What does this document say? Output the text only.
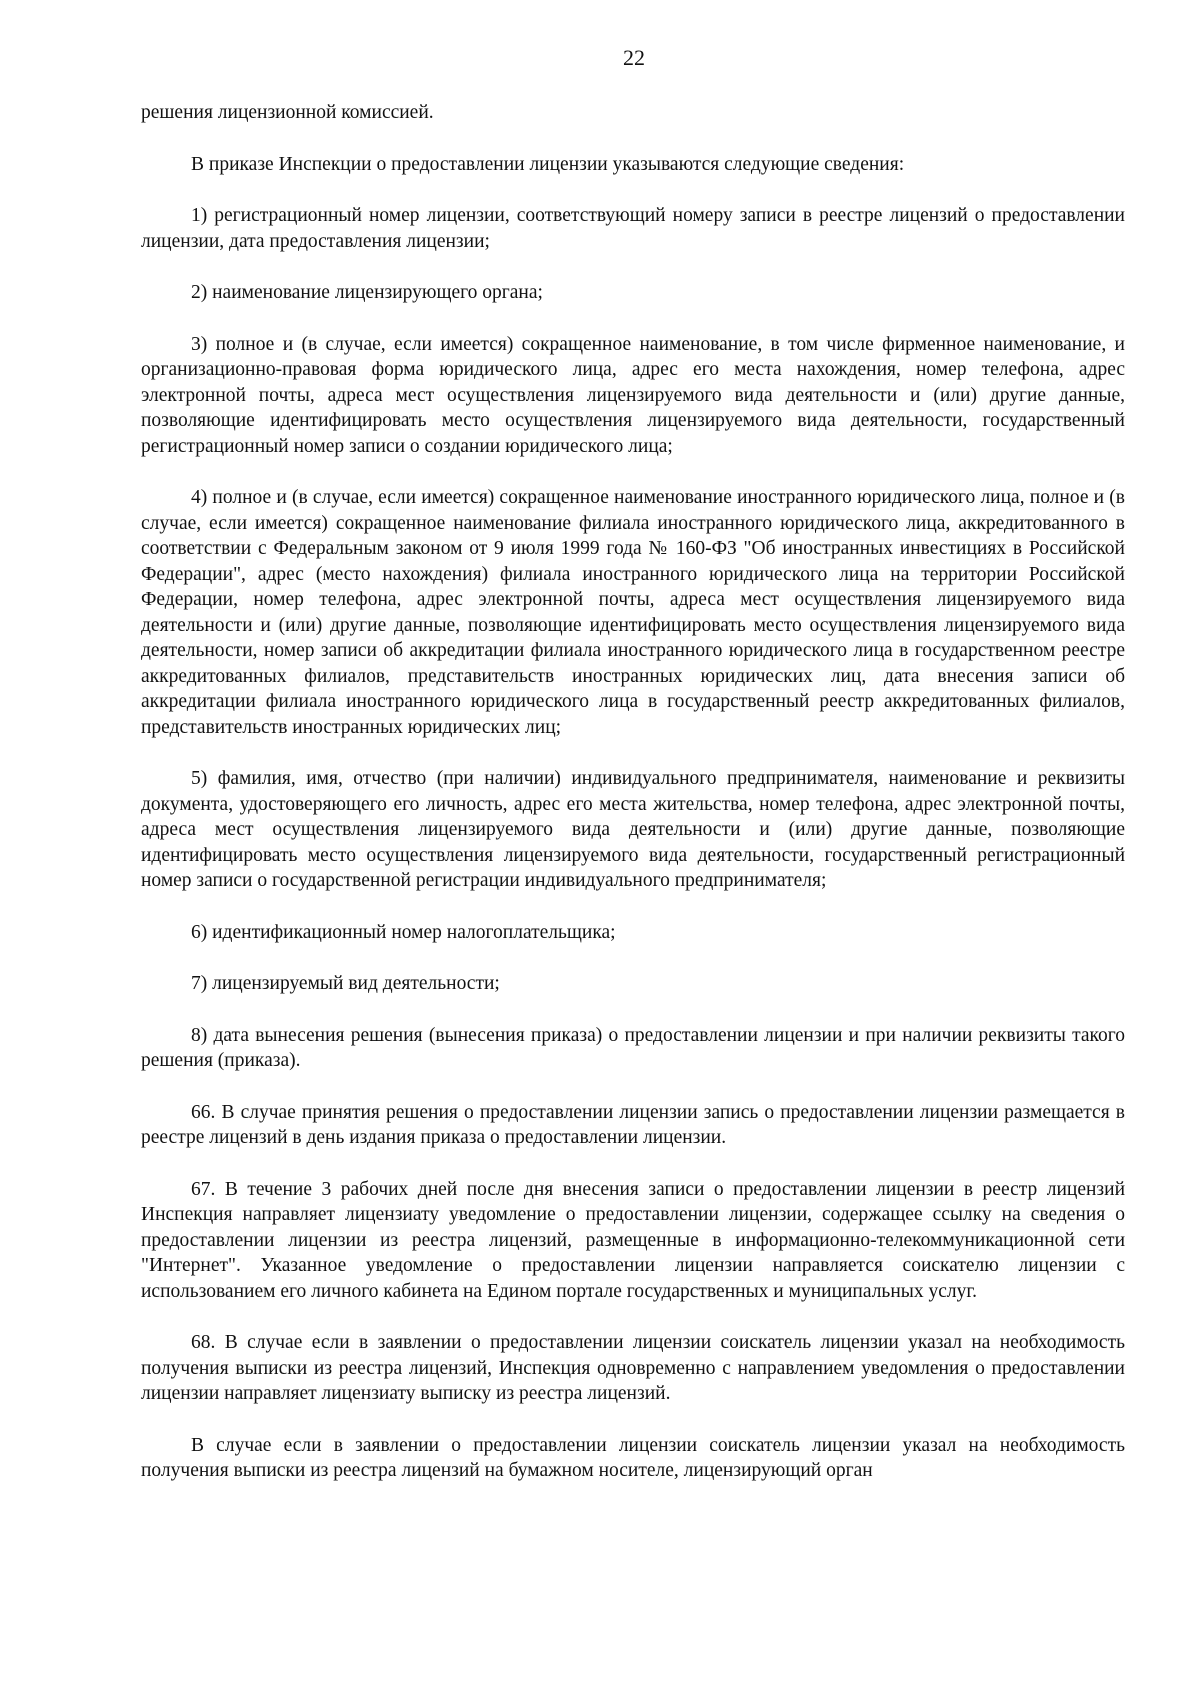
22

решения лицензионной комиссией.

В приказе Инспекции о предоставлении лицензии указываются следующие сведения:

1) регистрационный номер лицензии, соответствующий номеру записи в реестре лицензий о предоставлении лицензии, дата предоставления лицензии;

2) наименование лицензирующего органа;

3) полное и (в случае, если имеется) сокращенное наименование, в том числе фирменное наименование, и организационно-правовая форма юридического лица, адрес его места нахождения, номер телефона, адрес электронной почты, адреса мест осуществления лицензируемого вида деятельности и (или) другие данные, позволяющие идентифицировать место осуществления лицензируемого вида деятельности, государственный регистрационный номер записи о создании юридического лица;

4) полное и (в случае, если имеется) сокращенное наименование иностранного юридического лица, полное и (в случае, если имеется) сокращенное наименование филиала иностранного юридического лица, аккредитованного в соответствии с Федеральным законом от 9 июля 1999 года № 160-ФЗ "Об иностранных инвестициях в Российской Федерации", адрес (место нахождения) филиала иностранного юридического лица на территории Российской Федерации, номер телефона, адрес электронной почты, адреса мест осуществления лицензируемого вида деятельности и (или) другие данные, позволяющие идентифицировать место осуществления лицензируемого вида деятельности, номер записи об аккредитации филиала иностранного юридического лица в государственном реестре аккредитованных филиалов, представительств иностранных юридических лиц, дата внесения записи об аккредитации филиала иностранного юридического лица в государственный реестр аккредитованных филиалов, представительств иностранных юридических лиц;

5) фамилия, имя, отчество (при наличии) индивидуального предпринимателя, наименование и реквизиты документа, удостоверяющего его личность, адрес его места жительства, номер телефона, адрес электронной почты, адреса мест осуществления лицензируемого вида деятельности и (или) другие данные, позволяющие идентифицировать место осуществления лицензируемого вида деятельности, государственный регистрационный номер записи о государственной регистрации индивидуального предпринимателя;

6) идентификационный номер налогоплательщика;

7) лицензируемый вид деятельности;

8) дата вынесения решения (вынесения приказа) о предоставлении лицензии и при наличии реквизиты такого решения (приказа).

66. В случае принятия решения о предоставлении лицензии запись о предоставлении лицензии размещается в реестре лицензий в день издания приказа о предоставлении лицензии.

67. В течение 3 рабочих дней после дня внесения записи о предоставлении лицензии в реестр лицензий Инспекция направляет лицензиату уведомление о предоставлении лицензии, содержащее ссылку на сведения о предоставлении лицензии из реестра лицензий, размещенные в информационно-телекоммуникационной сети "Интернет". Указанное уведомление о предоставлении лицензии направляется соискателю лицензии с использованием его личного кабинета на Едином портале государственных и муниципальных услуг.

68. В случае если в заявлении о предоставлении лицензии соискатель лицензии указал на необходимость получения выписки из реестра лицензий, Инспекция одновременно с направлением уведомления о предоставлении лицензии направляет лицензиату выписку из реестра лицензий.

В случае если в заявлении о предоставлении лицензии соискатель лицензии указал на необходимость получения выписки из реестра лицензий на бумажном носителе, лицензирующий орган
